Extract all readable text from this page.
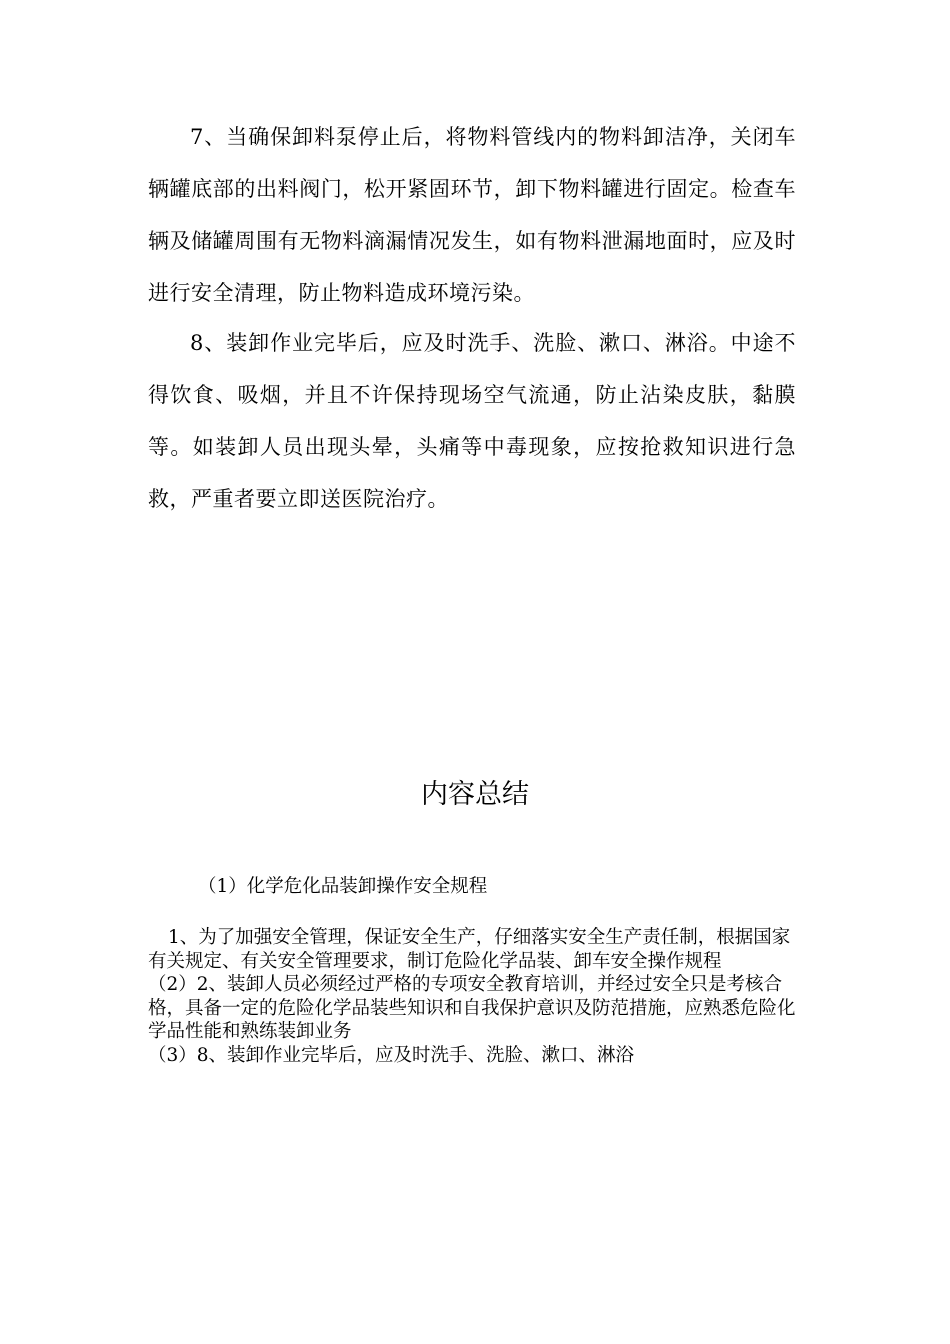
7、当确保卸料泵停止后，将物料管线内的物料卸洁净，关闭车辆罐底部的出料阀门，松开紧固环节，卸下物料罐进行固定。检查车辆及储罐周围有无物料滴漏情况发生，如有物料泄漏地面时，应及时进行安全清理，防止物料造成环境污染。

8、装卸作业完毕后，应及时洗手、洗脸、漱口、淋浴。中途不得饮食、吸烟，并且不许保持现场空气流通，防止沾染皮肤，黏膜等。如装卸人员出现头晕，头痛等中毒现象，应按抢救知识进行急救，严重者要立即送医院治疗。

内容总结

（1）化学危化品装卸操作安全规程

1、为了加强安全管理，保证安全生产，仔细落实安全生产责任制，根据国家有关规定、有关安全管理要求，制订危险化学品装、卸车安全操作规程

（2）2、装卸人员必须经过严格的专项安全教育培训，并经过安全只是考核合格，具备一定的危险化学品装些知识和自我保护意识及防范措施，应熟悉危险化学品性能和熟练装卸业务

（3）8、装卸作业完毕后，应及时洗手、洗脸、漱口、淋浴
